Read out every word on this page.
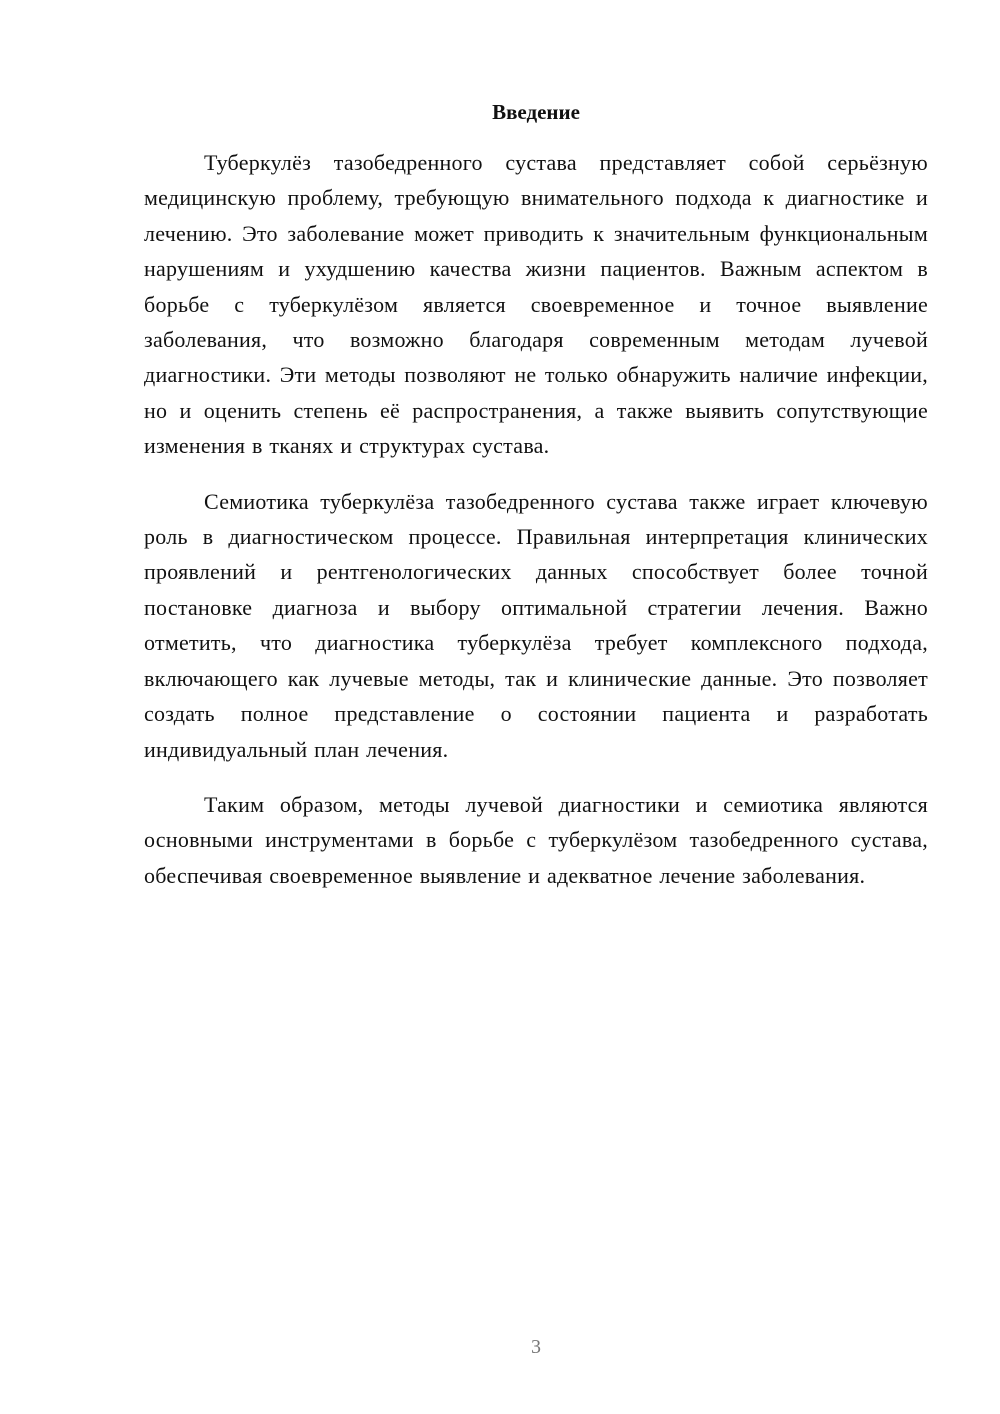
Введение

Туберкулёз тазобедренного сустава представляет собой серьёзную медицинскую проблему, требующую внимательного подхода к диагностике и лечению. Это заболевание может приводить к значительным функциональным нарушениям и ухудшению качества жизни пациентов. Важным аспектом в борьбе с туберкулёзом является своевременное и точное выявление заболевания, что возможно благодаря современным методам лучевой диагностики. Эти методы позволяют не только обнаружить наличие инфекции, но и оценить степень её распространения, а также выявить сопутствующие изменения в тканях и структурах сустава.

Семиотика туберкулёза тазобедренного сустава также играет ключевую роль в диагностическом процессе. Правильная интерпретация клинических проявлений и рентгенологических данных способствует более точной постановке диагноза и выбору оптимальной стратегии лечения. Важно отметить, что диагностика туберкулёза требует комплексного подхода, включающего как лучевые методы, так и клинические данные. Это позволяет создать полное представление о состоянии пациента и разработать индивидуальный план лечения.

Таким образом, методы лучевой диагностики и семиотика являются основными инструментами в борьбе с туберкулёзом тазобедренного сустава, обеспечивая своевременное выявление и адекватное лечение заболевания.

3
